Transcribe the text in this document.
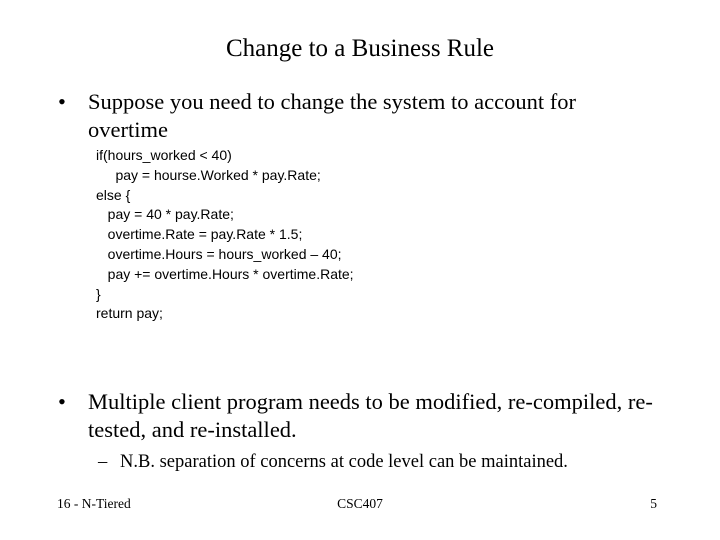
Change to a Business Rule
• Suppose you need to change the system to account for overtime
if(hours_worked < 40)
pay = hourse.Worked * pay.Rate;
else {
pay = 40 * pay.Rate;
overtime.Rate = pay.Rate * 1.5;
overtime.Hours = hours_worked – 40;
pay += overtime.Hours * overtime.Rate;
}
return pay;
• Multiple client program needs to be modified, re-compiled, re-tested, and re-installed.
– N.B. separation of concerns at code level can be maintained.
16 - N-Tiered	CSC407	5
